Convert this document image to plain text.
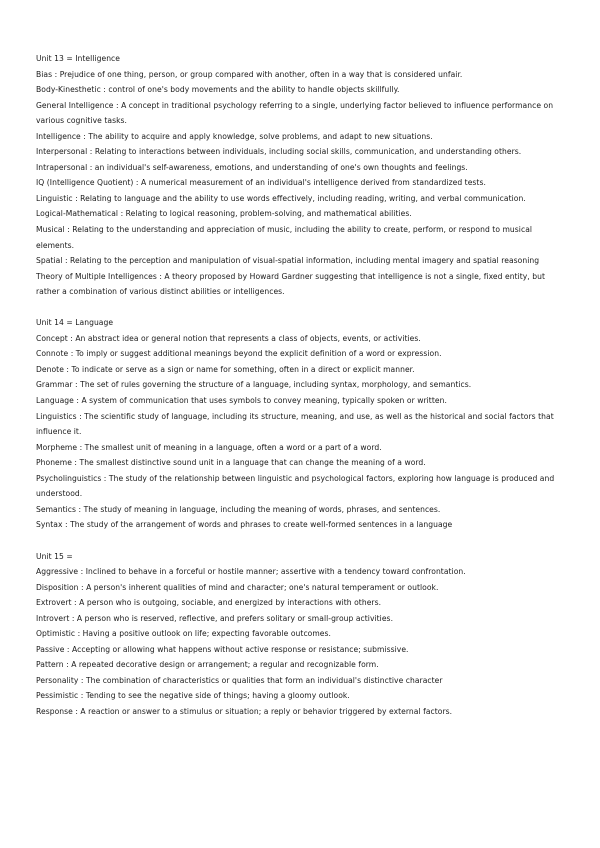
Unit 13 = Intelligence
Bias : Prejudice of one thing, person, or group compared with another, often in a way that is considered unfair.
Body-Kinesthetic : control of one's body movements and the ability to handle objects skillfully.
General Intelligence : A concept in traditional psychology referring to a single, underlying factor believed to influence performance on various cognitive tasks.
Intelligence : The ability to acquire and apply knowledge, solve problems, and adapt to new situations.
Interpersonal : Relating to interactions between individuals, including social skills, communication, and understanding others.
Intrapersonal : an individual's self-awareness, emotions, and understanding of one's own thoughts and feelings.
IQ (Intelligence Quotient) : A numerical measurement of an individual's intelligence derived from standardized tests.
Linguistic : Relating to language and the ability to use words effectively, including reading, writing, and verbal communication.
Logical-Mathematical : Relating to logical reasoning, problem-solving, and mathematical abilities.
Musical : Relating to the understanding and appreciation of music, including the ability to create, perform, or respond to musical elements.
Spatial : Relating to the perception and manipulation of visual-spatial information, including mental imagery and spatial reasoning
Theory of Multiple Intelligences : A theory proposed by Howard Gardner suggesting that intelligence is not a single, fixed entity, but rather a combination of various distinct abilities or intelligences.
Unit 14 = Language
Concept : An abstract idea or general notion that represents a class of objects, events, or activities.
Connote : To imply or suggest additional meanings beyond the explicit definition of a word or expression.
Denote : To indicate or serve as a sign or name for something, often in a direct or explicit manner.
Grammar : The set of rules governing the structure of a language, including syntax, morphology, and semantics.
Language : A system of communication that uses symbols to convey meaning, typically spoken or written.
Linguistics : The scientific study of language, including its structure, meaning, and use, as well as the historical and social factors that influence it.
Morpheme : The smallest unit of meaning in a language, often a word or a part of a word.
Phoneme : The smallest distinctive sound unit in a language that can change the meaning of a word.
Psycholinguistics : The study of the relationship between linguistic and psychological factors, exploring how language is produced and understood.
Semantics : The study of meaning in language, including the meaning of words, phrases, and sentences.
Syntax : The study of the arrangement of words and phrases to create well-formed sentences in a language
Unit 15 =
Aggressive : Inclined to behave in a forceful or hostile manner; assertive with a tendency toward confrontation.
Disposition : A person's inherent qualities of mind and character; one's natural temperament or outlook.
Extrovert : A person who is outgoing, sociable, and energized by interactions with others.
Introvert : A person who is reserved, reflective, and prefers solitary or small-group activities.
Optimistic : Having a positive outlook on life; expecting favorable outcomes.
Passive : Accepting or allowing what happens without active response or resistance; submissive.
Pattern : A repeated decorative design or arrangement; a regular and recognizable form.
Personality : The combination of characteristics or qualities that form an individual's distinctive character
Pessimistic : Tending to see the negative side of things; having a gloomy outlook.
Response : A reaction or answer to a stimulus or situation; a reply or behavior triggered by external factors.
